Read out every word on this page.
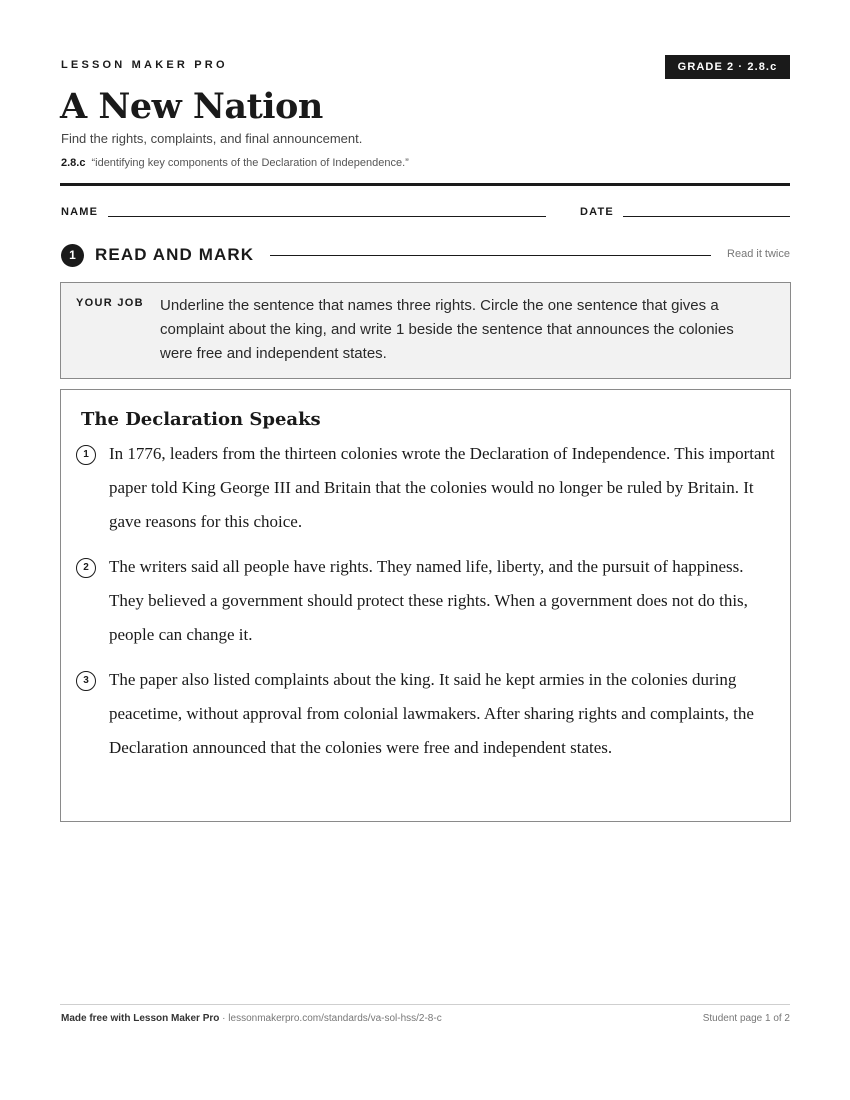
LESSON MAKER PRO	GRADE 2 · 2.8.c
A New Nation
Find the rights, complaints, and final announcement.
2.8.c “identifying key components of the Declaration of Independence.”
NAME	DATE
1	READ AND MARK	Read it twice
YOUR JOB Underline the sentence that names three rights. Circle the one sentence that gives a complaint about the king, and write 1 beside the sentence that announces the colonies were free and independent states.
The Declaration Speaks
1	In 1776, leaders from the thirteen colonies wrote the Declaration of Independence. This important paper told King George III and Britain that the colonies would no longer be ruled by Britain. It gave reasons for this choice.
2	The writers said all people have rights. They named life, liberty, and the pursuit of happiness. They believed a government should protect these rights. When a government does not do this, people can change it.
3	The paper also listed complaints about the king. It said he kept armies in the colonies during peacetime, without approval from colonial lawmakers. After sharing rights and complaints, the Declaration announced that the colonies were free and independent states.
Made free with Lesson Maker Pro · lessonmakerpro.com/standards/va-sol-hss/2-8-c	Student page 1 of 2
